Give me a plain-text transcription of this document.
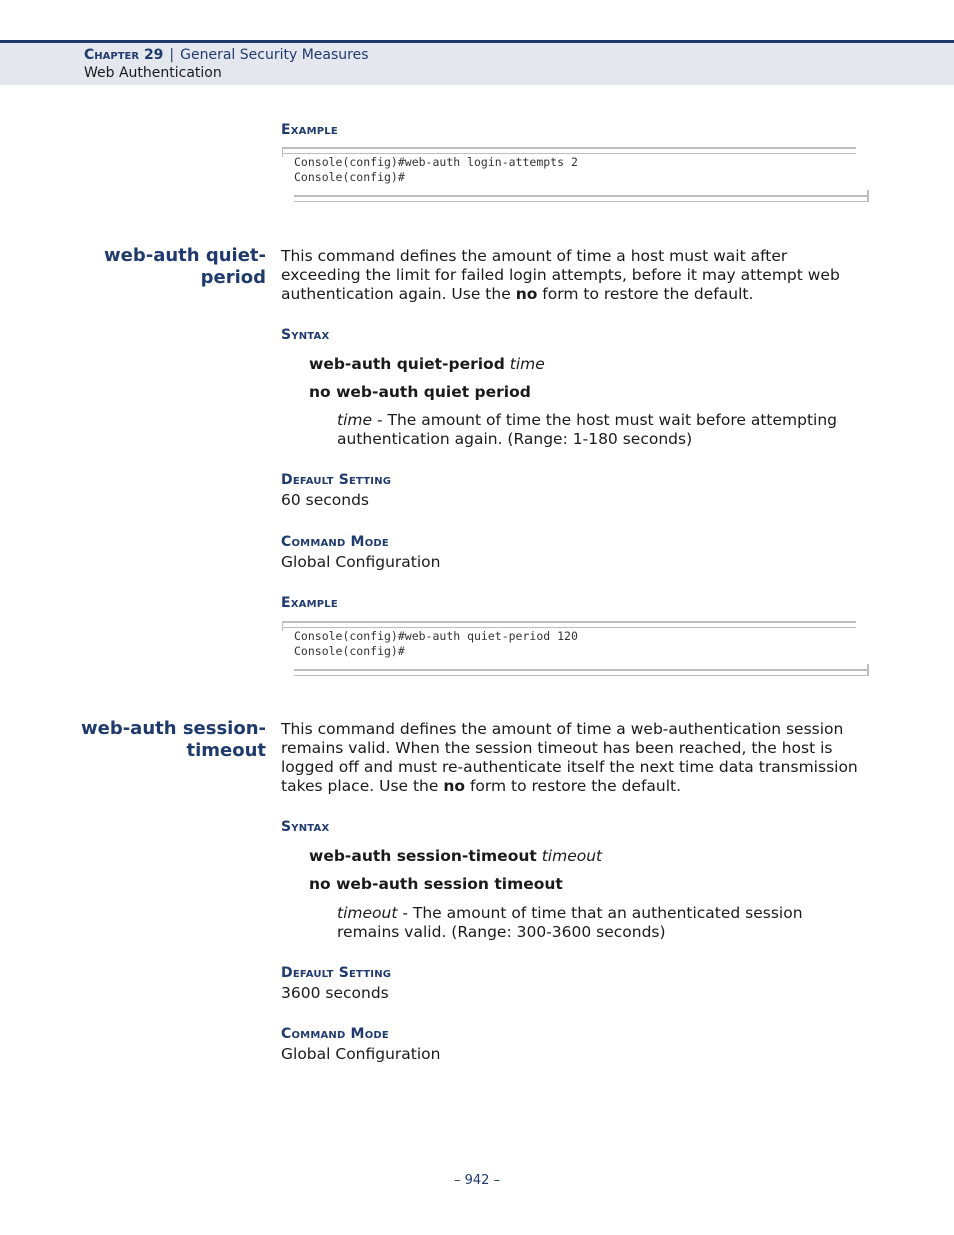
Chapter 29 | General Security Measures
Web Authentication
Example
Console(config)#web-auth login-attempts 2
Console(config)#
web-auth quiet-
period
This command defines the amount of time a host must wait after exceeding the limit for failed login attempts, before it may attempt web authentication again. Use the no form to restore the default.
Syntax
web-auth quiet-period time
no web-auth quiet period
time - The amount of time the host must wait before attempting authentication again. (Range: 1-180 seconds)
Default Setting
60 seconds
Command Mode
Global Configuration
Example
Console(config)#web-auth quiet-period 120
Console(config)#
web-auth session-
timeout
This command defines the amount of time a web-authentication session remains valid. When the session timeout has been reached, the host is logged off and must re-authenticate itself the next time data transmission takes place. Use the no form to restore the default.
Syntax
web-auth session-timeout timeout
no web-auth session timeout
timeout - The amount of time that an authenticated session remains valid. (Range: 300-3600 seconds)
Default Setting
3600 seconds
Command Mode
Global Configuration
– 942 –
